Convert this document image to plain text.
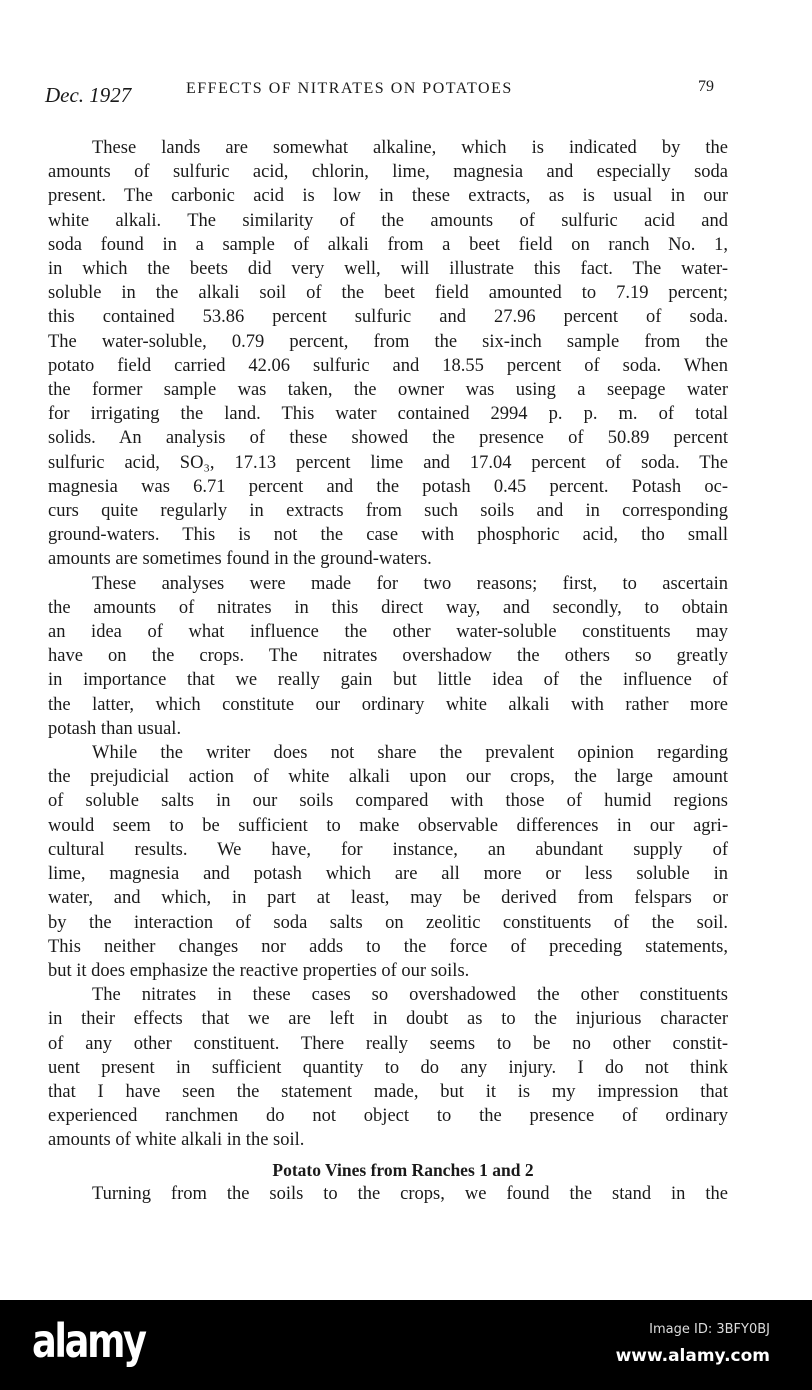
Dec. 1927	EFFECTS OF NITRATES ON POTATOES	79
These lands are somewhat alkaline, which is indicated by the
amounts of sulfuric acid, chlorin, lime, magnesia and especially soda
present. The carbonic acid is low in these extracts, as is usual in our
white alkali. The similarity of the amounts of sulfuric acid and
soda found in a sample of alkali from a beet field on ranch No. 1,
in which the beets did very well, will illustrate this fact. The water-
soluble in the alkali soil of the beet field amounted to 7.19 percent;
this contained 53.86 percent sulfuric and 27.96 percent of soda.
The water-soluble, 0.79 percent, from the six-inch sample from the
potato field carried 42.06 sulfuric and 18.55 percent of soda. When
the former sample was taken, the owner was using a seepage water
for irrigating the land. This water contained 2994 p. p. m. of total
solids. An analysis of these showed the presence of 50.89 percent
sulfuric acid, SO₃, 17.13 percent lime and 17.04 percent of soda. The
magnesia was 6.71 percent and the potash 0.45 percent. Potash oc-
curs quite regularly in extracts from such soils and in corresponding
ground-waters. This is not the case with phosphoric acid, tho small
amounts are sometimes found in the ground-waters.
These analyses were made for two reasons; first, to ascertain
the amounts of nitrates in this direct way, and secondly, to obtain
an idea of what influence the other water-soluble constituents may
have on the crops. The nitrates overshadow the others so greatly
in importance that we really gain but little idea of the influence of
the latter, which constitute our ordinary white alkali with rather more
potash than usual.
While the writer does not share the prevalent opinion regarding
the prejudicial action of white alkali upon our crops, the large amount
of soluble salts in our soils compared with those of humid regions
would seem to be sufficient to make observable differences in our agri-
cultural results. We have, for instance, an abundant supply of
lime, magnesia and potash which are all more or less soluble in
water, and which, in part at least, may be derived from felspars or
by the interaction of soda salts on zeolitic constituents of the soil.
This neither changes nor adds to the force of preceding statements,
but it does emphasize the reactive properties of our soils.
The nitrates in these cases so overshadowed the other constituents
in their effects that we are left in doubt as to the injurious character
of any other constituent. There really seems to be no other constit-
uent present in sufficient quantity to do any injury. I do not think
that I have seen the statement made, but it is my impression that
experienced ranchmen do not object to the presence of ordinary
amounts of white alkali in the soil.
Potato Vines from Ranches 1 and 2
Turning from the soils to the crops, we found the stand in the
alamy	Image ID: 3BFY0BJ
www.alamy.com
